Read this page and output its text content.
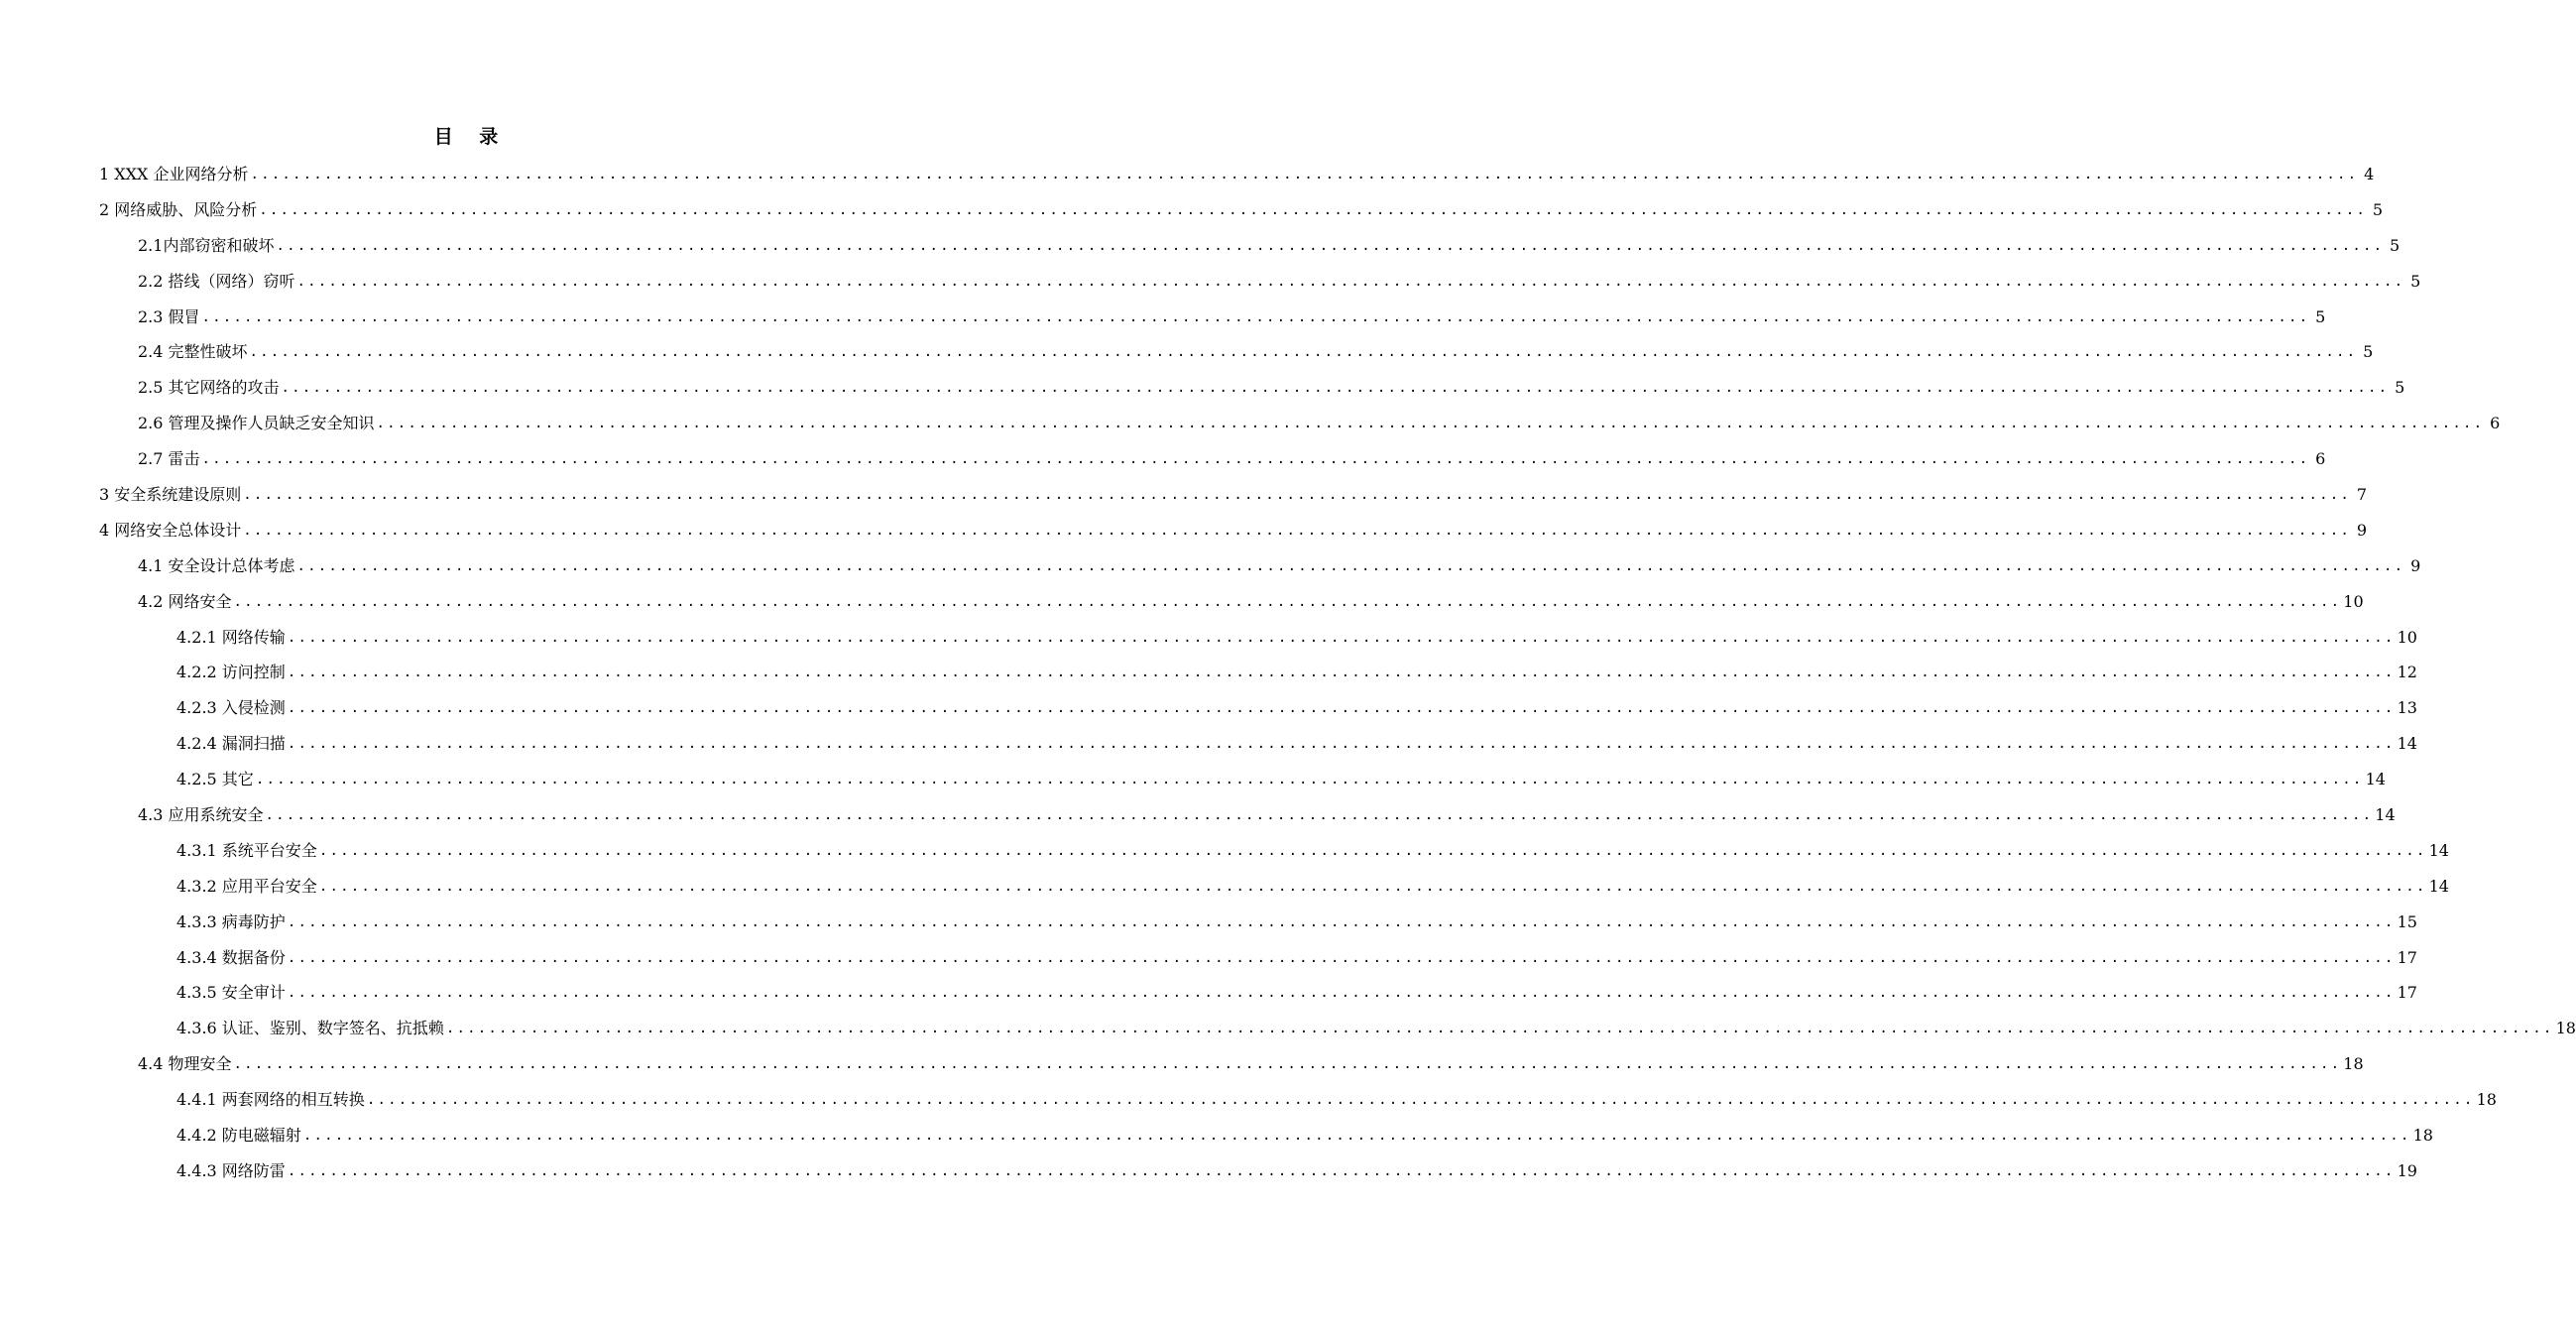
目 录
1 XXX 企业网络分析 ........................................................................................................................................................................................................ 4
2 网络威胁、风险分析 ........................................................................................................................................................................................................ 5
2.1 内部窃密和破坏 ........................................................................................................................................................................................................ 5
2.2 搭线（网络）窃听 ........................................................................................................................................................................................................ 5
2.3 假冒 ........................................................................................................................................................................................................ 5
2.4 完整性破坏 ........................................................................................................................................................................................................ 5
2.5 其它网络的攻击 ........................................................................................................................................................................................................ 5
2.6 管理及操作人员缺乏安全知识 ........................................................................................................................................................................................................ 6
2.7 雷击 ........................................................................................................................................................................................................ 6
3 安全系统建设原则 ........................................................................................................................................................................................................ 7
4 网络安全总体设计 ........................................................................................................................................................................................................ 9
4.1 安全设计总体考虑 ........................................................................................................................................................................................................ 9
4.2 网络安全 ........................................................................................................................................................................................................ 10
4.2.1 网络传输 ........................................................................................................................................................................................................ 10
4.2.2 访问控制 ........................................................................................................................................................................................................ 12
4.2.3 入侵检测 ........................................................................................................................................................................................................ 13
4.2.4 漏洞扫描 ........................................................................................................................................................................................................ 14
4.2.5 其它 ........................................................................................................................................................................................................ 14
4.3 应用系统安全 ........................................................................................................................................................................................................ 14
4.3.1 系统平台安全 ........................................................................................................................................................................................................ 14
4.3.2 应用平台安全 ........................................................................................................................................................................................................ 14
4.3.3 病毒防护 ........................................................................................................................................................................................................ 15
4.3.4 数据备份 ........................................................................................................................................................................................................ 17
4.3.5 安全审计 ........................................................................................................................................................................................................ 17
4.3.6 认证、鉴别、数字签名、抗抵赖 ........................................................................................................................................................................................................ 18
4.4 物理安全 ........................................................................................................................................................................................................ 18
4.4.1 两套网络的相互转换 ........................................................................................................................................................................................................ 18
4.4.2 防电磁辐射 ........................................................................................................................................................................................................ 18
4.4.3 网络防雷 ........................................................................................................................................................................................................ 19
